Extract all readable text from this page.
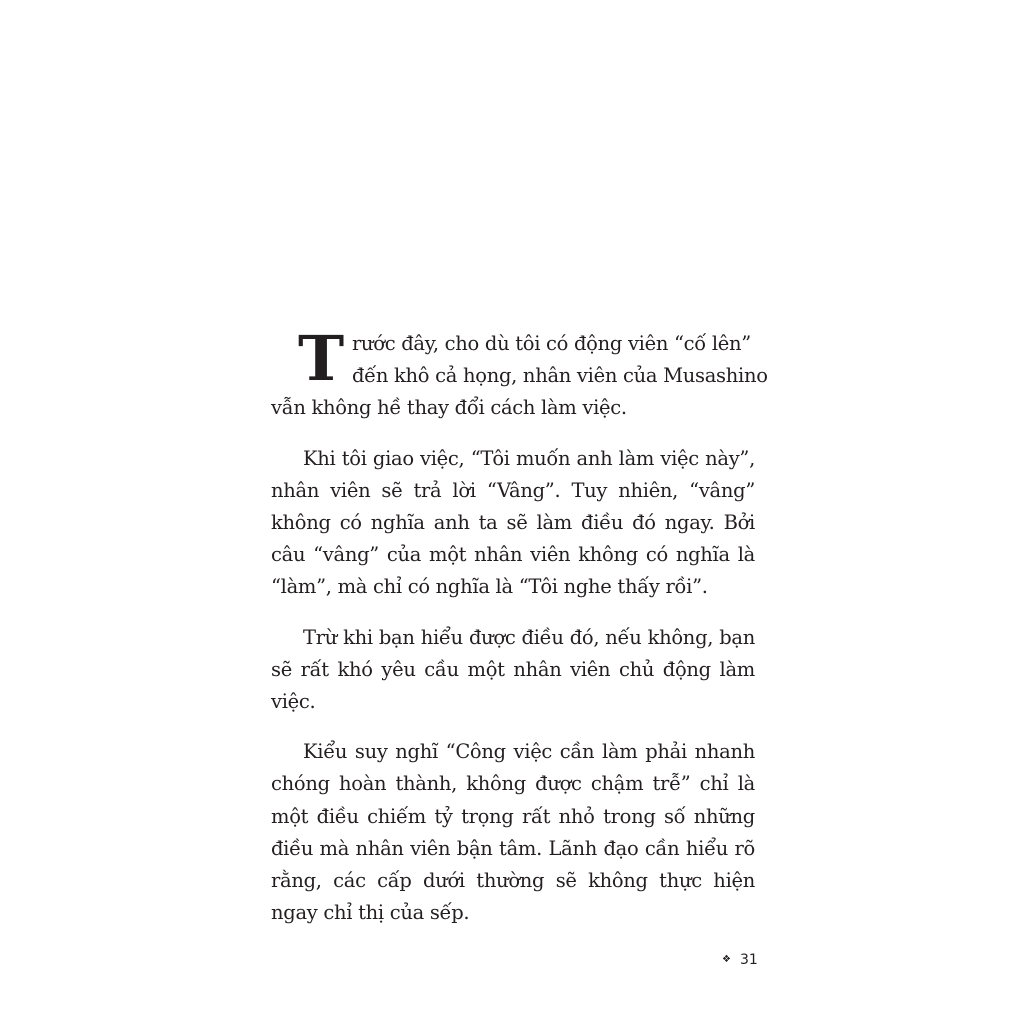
T rước đây, cho dù tôi có động viên “cố lên”
đến khô cả họng, nhân viên của Musashino
vẫn không hề thay đổi cách làm việc.

Khi tôi giao việc, “Tôi muốn anh làm việc này”, nhân viên sẽ trả lời “Vâng”. Tuy nhiên, “vâng” không có nghĩa anh ta sẽ làm điều đó ngay. Bởi câu “vâng” của một nhân viên không có nghĩa là “làm”, mà chỉ có nghĩa là “Tôi nghe thấy rồi”.

Trừ khi bạn hiểu được điều đó, nếu không, bạn sẽ rất khó yêu cầu một nhân viên chủ động làm việc.

Kiểu suy nghĩ “Công việc cần làm phải nhanh chóng hoàn thành, không được chậm trễ” chỉ là một điều chiếm tỷ trọng rất nhỏ trong số những điều mà nhân viên bận tâm. Lãnh đạo cần hiểu rõ rằng, các cấp dưới thường sẽ không thực hiện ngay chỉ thị của sếp.

❖ 31
